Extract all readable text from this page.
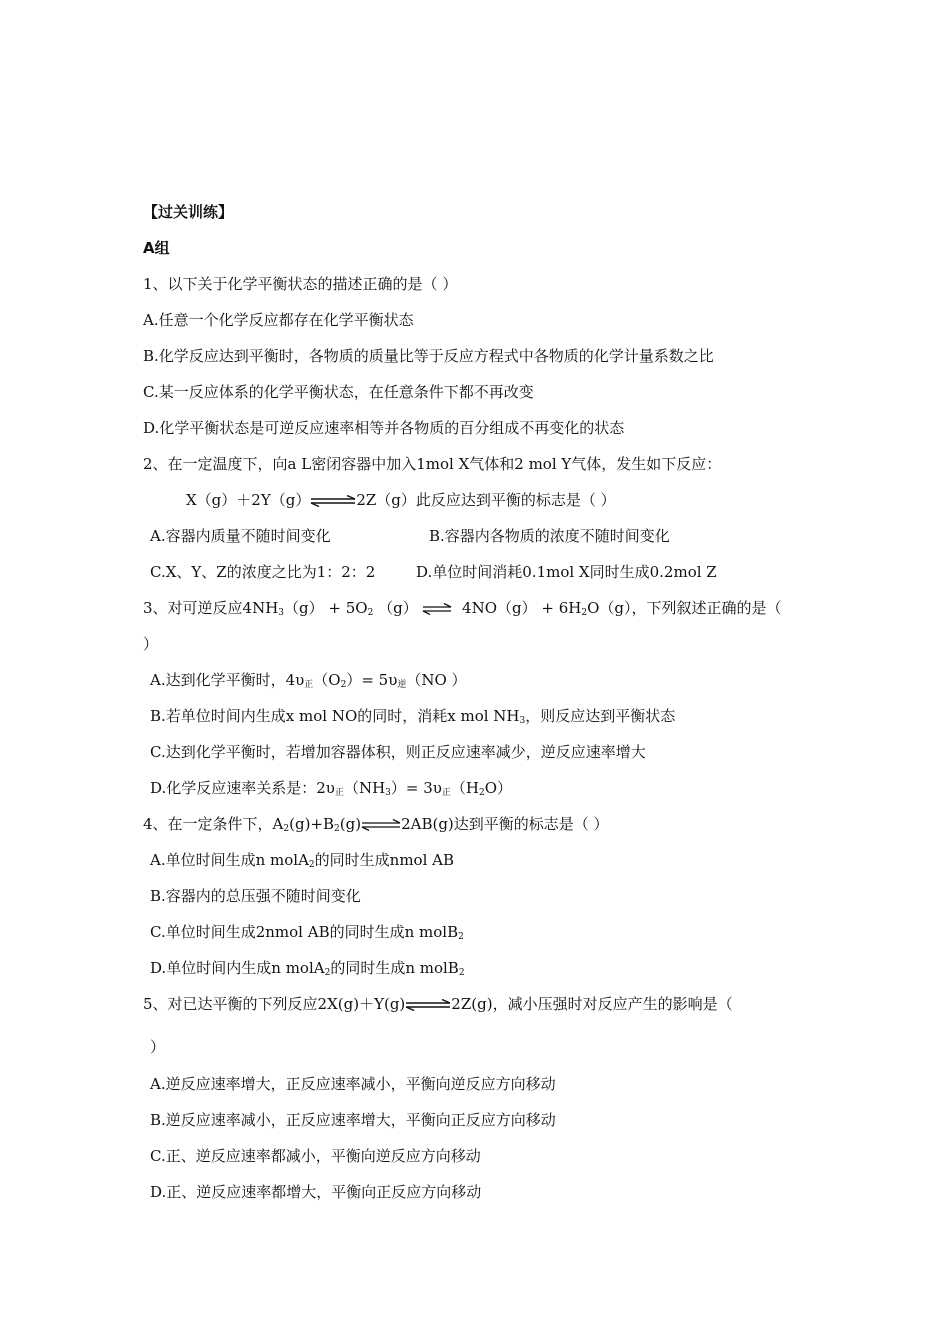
【过关训练】
A组
1、以下关于化学平衡状态的描述正确的是（ ）
A.任意一个化学反应都存在化学平衡状态
B.化学反应达到平衡时，各物质的质量比等于反应方程式中各物质的化学计量系数之比
C.某一反应体系的化学平衡状态，在任意条件下都不再改变
D.化学平衡状态是可逆反应速率相等并各物质的百分组成不再变化的状态
2、在一定温度下，向a L密闭容器中加入1mol X气体和2 mol Y气体，发生如下反应：
X（g）＋2Y（g）⇌2Z（g）此反应达到平衡的标志是（ ）
A.容器内质量不随时间变化	B.容器内各物质的浓度不随时间变化
C.X、Y、Z的浓度之比为1：2：2	D.单位时间消耗0.1mol X同时生成0.2mol Z
3、对可逆反应$4NH_3(g) + 5O_2$ （g） ⇌ $4NO(g) + 6H_2O(g)$，下列叙述正确的是（
）
A.达到化学平衡时，$4\upsilon_正(O_2)= 5\upsilon_逆(NO$ ）
B.若单位时间内生成x mol NO的同时，消耗x mol $NH_3$，则反应达到平衡状态
C.达到化学平衡时，若增加容器体积，则正反应速率减少，逆反应速率增大
D.化学反应速率关系是：$2\upsilon_正(NH_3)= 3\upsilon_正(H_2O)$
4、在一定条件下，$A_2(g)+B_2(g)\rightleftharpoons 2AB(g)$达到平衡的标志是（ ）
A.单位时间生成n molA$_2$的同时生成nmol AB
B.容器内的总压强不随时间变化
C.单位时间生成2nmol AB的同时生成n molB$_2$
D.单位时间内生成n molA$_2$的同时生成n molB$_2$
5、对已达平衡的下列反应2X(g)＋Y(g)⇌2Z(g)，减小压强时对反应产生的影响是（
）
A.逆反应速率增大，正反应速率减小，平衡向逆反应方向移动
B.逆反应速率减小，正反应速率增大，平衡向正反应方向移动
C.正、逆反应速率都减小，平衡向逆反应方向移动
D.正、逆反应速率都增大，平衡向正反应方向移动
